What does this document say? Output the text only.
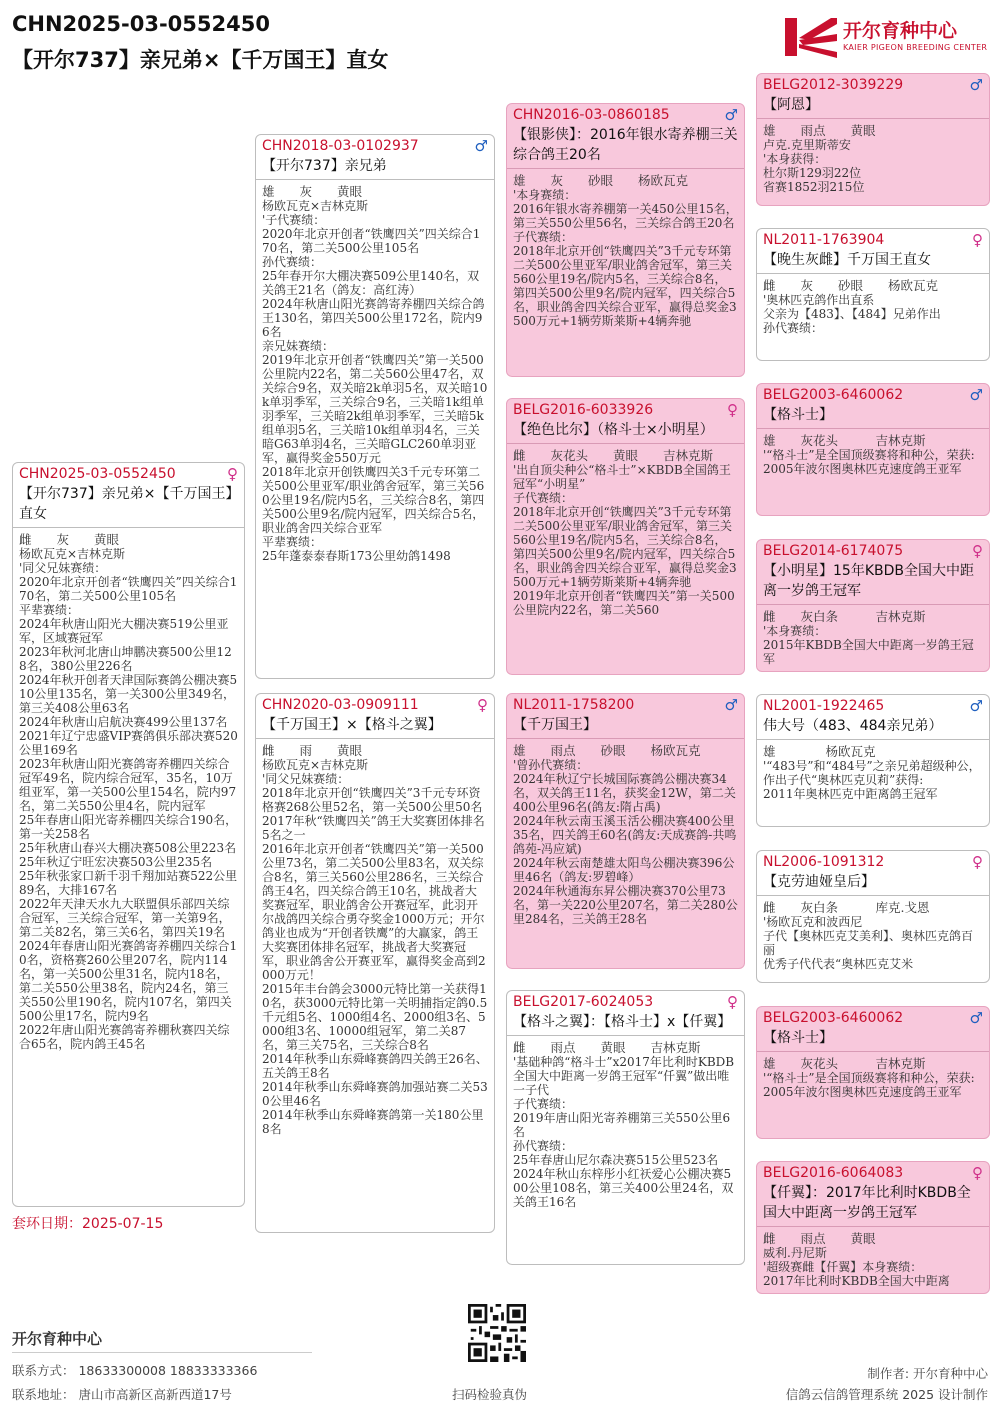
CHN2025-03-0552450
【开尔737】亲兄弟×【千万国王】直女
开尔育种中心
KAIER PIGEON BREEDING CENTER
CHN2025-03-0552450	♀
【开尔737】亲兄弟×【千万国王】直女
雌　　灰　　黄眼
杨欧瓦克×吉林克斯
'同父兄妹赛绩：
2020年北京开创者“铁鹰四关”四关综合170名，第二关500公里105名
平辈赛绩：
2024年秋唐山阳光大棚决赛519公里亚军，区域赛冠军
2023年秋河北唐山坤鹏决赛500公里128名，380公里226名
2024年秋开创者天津国际赛鸽公棚决赛510公里135名，第一关300公里349名，第三关408公里63名
2024年秋唐山启航决赛499公里137名
2021年辽宁忠盛VIP赛鸽俱乐部决赛520公里169名
2023年秋唐山阳光赛鸽寄养棚四关综合冠军49名，院内综合冠军，35名，10万组亚军，第一关500公里154名，院内97名，第二关550公里4名，院内冠军
25年春唐山阳光寄养棚四关综合190名，第一关258名
25年秋唐山春兴大棚决赛508公里223名
25年秋辽宁旺宏决赛503公里235名
25年秋张家口新千羽千翔加站赛522公里89名，大排167名
2022年天津天水九大联盟俱乐部四关综合冠军，三关综合冠军，第一关第9名，第二关82名，第三关6名，第四关19名
2024年春唐山阳光赛鸽寄养棚四关综合10名，资格赛260公里207名，院内114名，第一关500公里31名，院内18名，第二关550公里38名，院内24名，第三关550公里190名，院内107名，第四关500公里17名，院内9名
2022年唐山阳光赛鸽寄养棚秋赛四关综合65名，院内鸽王45名
套环日期：2025-07-15
CHN2018-03-0102937	♂
【开尔737】亲兄弟
雄　　灰　　黄眼
杨欧瓦克×吉林克斯
'子代赛绩：
2020年北京开创者“铁鹰四关”四关综合170名，第二关500公里105名
孙代赛绩：
25年春开尔大棚决赛509公里140名，双关鸽王21名（鸽友：高红涛）
2024年秋唐山阳光赛鸽寄养棚四关综合鸽王130名，第四关500公里172名，院内96名
亲兄妹赛绩：
2019年北京开创者“铁鹰四关”第一关500公里院内22名，第二关560公里47名，双关综合9名，双关暗2k单羽5名，双关暗10k单羽季军，三关综合9名，三关暗1k组单羽季军，三关暗2k组单羽季军，三关暗5k组单羽5名，三关暗10k组单羽4名，三关暗G63单羽4名，三关暗GLC260单羽亚军，赢得奖金550万元
2018年北京开创铁鹰四关3千元专环第二关500公里亚军/职业鸽舍冠军，第三关560公里19名/院内5名，三关综合8名，第四关500公里9名/院内冠军，四关综合5名，职业鸽舍四关综合亚军
平辈赛绩：
25年蓬泰泰春斯173公里幼鸽1498
CHN2020-03-0909111	♀
【千万国王】×【格斗之翼】
雌　　雨　　黄眼
杨欧瓦克×吉林克斯
'同父兄妹赛绩：
2018年北京开创“铁鹰四关”3千元专环资格赛268公里52名，第一关500公里50名
2017年秋“铁鹰四关”鸽王大奖赛团体排名5名之一
2016年北京开创者“铁鹰四关”第一关500公里73名，第二关500公里83名，双关综合8名，第三关560公里286名，三关综合鸽王4名，四关综合鸽王10名，挑战者大奖赛冠军，职业鸽舍公开赛冠军，此羽开尔战鸽四关综合勇夺奖金1000万元；开尔鸽业也成为“开创者铁鹰”的大赢家，鸽王大奖赛团体排名冠军，挑战者大奖赛冠军，职业鸽舍公开赛亚军，赢得奖金高到2000万元！
2015年丰台鸽会3000元特比第一关获得10名，获3000元特比第一关明捕指定鸽0.5千元组5名、1000组4名、2000组3名、5000组3名、10000组冠军，第二关87名，第三关75名，三关综合8名
2014年秋季山东舜峰赛鸽四关鸽王26名、五关鸽王8名
2014年秋季山东舜峰赛鸽加强站赛二关530公里46名
2014年秋季山东舜峰赛鸽第一关180公里8名
CHN2016-03-0860185	♂
【银影侠】：2016年银水寄养棚三关综合鸽王20名
雄　　灰　　砂眼　　杨欧瓦克
'本身赛绩：
2016年银水寄养棚第一关450公里15名，第三关550公里56名，三关综合鸽王20名
子代赛绩：
2018年北京开创“铁鹰四关”3千元专环第二关500公里亚军/职业鸽舍冠军，第三关560公里19名/院内5名，三关综合8名，第四关500公里9名/院内冠军，四关综合5名，职业鸽舍四关综合亚军，赢得总奖金3500万元+1辆劳斯莱斯+4辆奔驰
BELG2016-6033926	♀
【绝色比尔】（格斗士×小明星）
雌　　灰花头　　黄眼　　吉林克斯
'出自顶尖种公“格斗士”×KBDB全国鸽王冠军“小明星”
子代赛绩：
2018年北京开创“铁鹰四关”3千元专环第二关500公里亚军/职业鸽舍冠军，第三关560公里19名/院内5名，三关综合8名，第四关500公里9名/院内冠军，四关综合5名，职业鸽舍四关综合亚军，赢得总奖金3500万元+1辆劳斯莱斯+4辆奔驰
2019年北京开创者“铁鹰四关”第一关500公里院内22名，第二关560
NL2011-1758200	♂
【千万国王】
雄　　雨点　　砂眼　　杨欧瓦克
'曾孙代赛绩：
2024年秋辽宁长城国际赛鸽公棚决赛34名，双关鸽王11名，获奖金12W，第二关400公里96名(鸽友:隋占禹)
2024年秋云南玉溪玉活公棚决赛400公里35名，四关鸽王60名(鸽友:天成赛鸽-共鸣鸽苑-冯应斌)
2024年秋云南楚雄太阳鸟公棚决赛396公里46名（鸽友:罗碧峰）
2024年秋通海东昇公棚决赛370公里73名，第一关220公里207名，第二关280公里284名，三关鸽王28名
BELG2017-6024053	♀
【格斗之翼】：【格斗士】x【仟翼】
雌　　雨点　　黄眼　　吉林克斯
'基础种鸽“格斗士”x2017年比利时KBDB全国大中距离一岁鸽王冠军“仟翼”做出唯一子代
子代赛绩：
2019年唐山阳光寄养棚第三关550公里6名
孙代赛绩：
25年春唐山尼尔森决赛515公里523名
2024年秋山东梓彤小红祆爱心公棚决赛500公里108名，第三关400公里24名，双关鸽王16名
BELG2012-3039229	♂
【阿恩】
雄　　雨点　　黄眼
卢克.克里斯蒂安
'本身获得：
杜尔斯129羽22位
省赛1852羽215位
NL2011-1763904	♀
【晚生灰雌】千万国王直女
雌　　灰　　砂眼　　杨欧瓦克
'奥林匹克鸽作出直系
父亲为【483】、【484】兄弟作出
孙代赛绩：
BELG2003-6460062	♂
【格斗士】
雄　　灰花头　　　吉林克斯
'“格斗士”是全国顶级赛将和种公，荣获:
2005年波尔图奥林匹克速度鸽王亚军
BELG2014-6174075	♀
【小明星】15年KBDB全国大中距离一岁鸽王冠军
雌　　灰白条　　　吉林克斯
'本身赛绩：
2015年KBDB全国大中距离一岁鸽王冠军
NL2001-1922465	♂
伟大号（483、484亲兄弟）
雄　　　　杨欧瓦克
'“483号”和“484号”之亲兄弟超级种公，作出子代“奥林匹克贝莉”获得:
2011年奥林匹克中距离鸽王冠军
NL2006-1091312	♀
【克劳迪娅皇后】
雌　　灰白条　　　库克.戈恩
'杨欧瓦克和波西尼
子代【奥林匹克艾美利】、奥林匹克鸽百丽
优秀子代代表“奥林匹克艾米
BELG2003-6460062	♂
【格斗士】
雄　　灰花头　　　吉林克斯
'“格斗士”是全国顶级赛将和种公，荣获:
2005年波尔图奥林匹克速度鸽王亚军
BELG2016-6064083	♀
【仟翼】：2017年比利时KBDB全国大中距离一岁鸽王冠军
雌　　雨点　　黄眼
威利.丹尼斯
'超级赛雌【仟翼】本身赛绩：
2017年比利时KBDB全国大中距离
开尔育种中心
联系方式： 18633300008 18833333366
联系地址： 唐山市高新区高新西道17号	扫码检验真伪
制作者: 开尔育种中心
信鸽云信鸽管理系统 2025 设计制作
